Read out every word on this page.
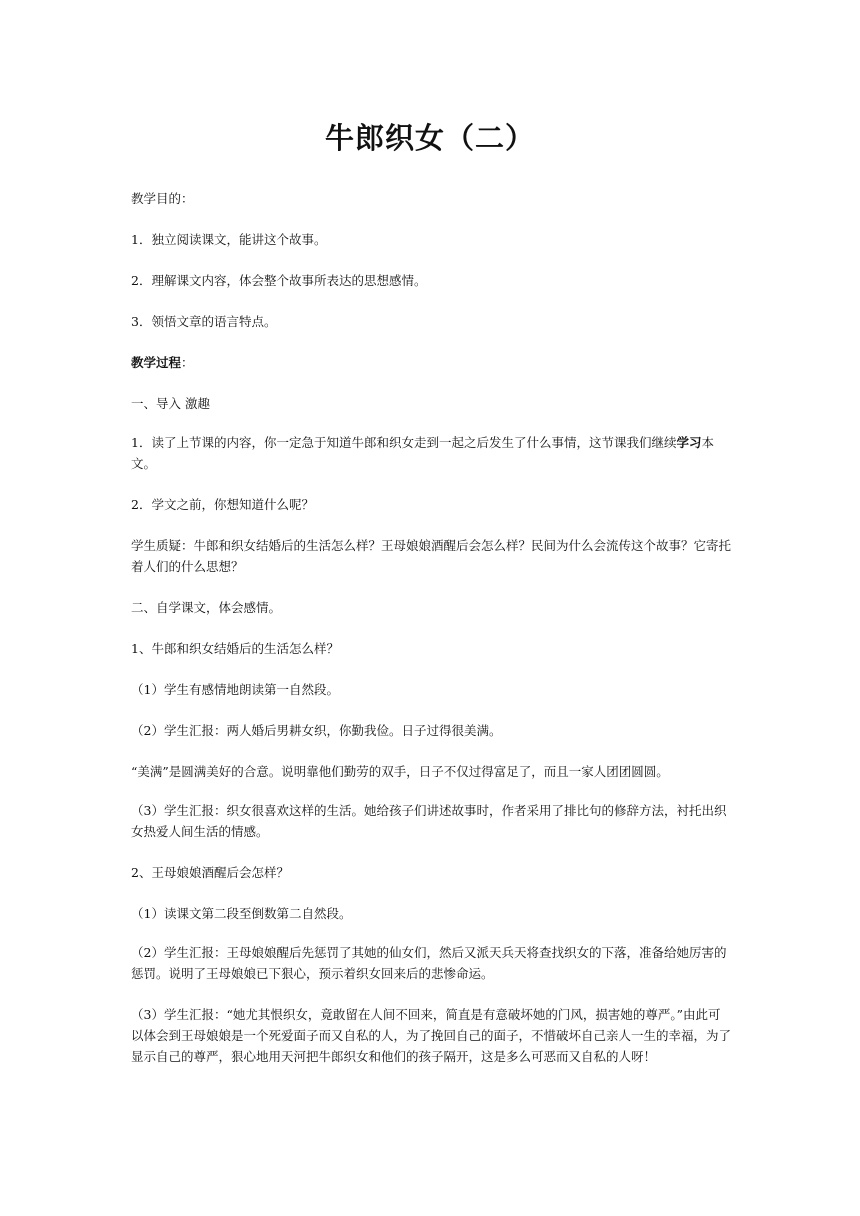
牛郎织女（二）

教学目的：

1．独立阅读课文，能讲这个故事。

2．理解课文内容，体会整个故事所表达的思想感情。

3．领悟文章的语言特点。

教学过程：

一、导入 激趣

1．读了上节课的内容，你一定急于知道牛郎和织女走到一起之后发生了什么事情，这节课我们继续学习本文。

2．学文之前，你想知道什么呢？

学生质疑：牛郎和织女结婚后的生活怎么样？王母娘娘酒醒后会怎么样？民间为什么会流传这个故事？它寄托着人们的什么思想？

二、自学课文，体会感情。

1、牛郎和织女结婚后的生活怎么样？

（1）学生有感情地朗读第一自然段。

（2）学生汇报：两人婚后男耕女织，你勤我俭。日子过得很美满。

“美满”是圆满美好的合意。说明靠他们勤劳的双手，日子不仅过得富足了，而且一家人团团圆圆。

（3）学生汇报：织女很喜欢这样的生活。她给孩子们讲述故事时，作者采用了排比句的修辞方法，衬托出织女热爱人间生活的情感。

2、王母娘娘酒醒后会怎样？

（1）读课文第二段至倒数第二自然段。

（2）学生汇报：王母娘娘醒后先惩罚了其她的仙女们，然后又派天兵天将查找织女的下落，准备给她厉害的惩罚。说明了王母娘娘已下狠心，预示着织女回来后的悲惨命运。

（3）学生汇报：“她尤其恨织女，竟敢留在人间不回来，简直是有意破坏她的门风，损害她的尊严。”由此可以体会到王母娘娘是一个死爱面子而又自私的人，为了挽回自己的面子，不惜破坏自己亲人一生的幸福，为了显示自己的尊严，狠心地用天河把牛郎织女和他们的孩子隔开，这是多么可恶而又自私的人呀！
